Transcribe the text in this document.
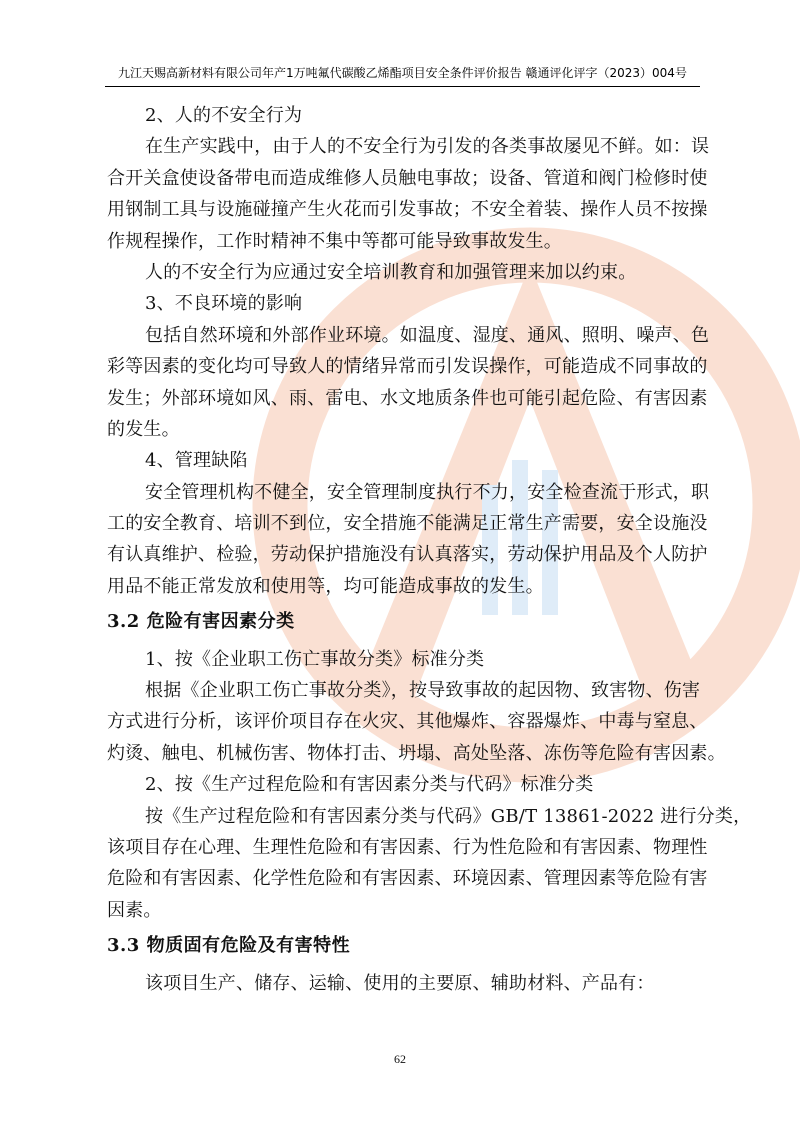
九江天赐高新材料有限公司年产1万吨氟代碳酸乙烯酯项目安全条件评价报告 赣通评化评字（2023）004号
2、人的不安全行为
在生产实践中，由于人的不安全行为引发的各类事故屡见不鲜。如：误
合开关盒使设备带电而造成维修人员触电事故；设备、管道和阀门检修时使
用钢制工具与设施碰撞产生火花而引发事故；不安全着装、操作人员不按操
作规程操作，工作时精神不集中等都可能导致事故发生。
人的不安全行为应通过安全培训教育和加强管理来加以约束。
3、不良环境的影响
包括自然环境和外部作业环境。如温度、湿度、通风、照明、噪声、色
彩等因素的变化均可导致人的情绪异常而引发误操作，可能造成不同事故的
发生；外部环境如风、雨、雷电、水文地质条件也可能引起危险、有害因素
的发生。
4、管理缺陷
安全管理机构不健全，安全管理制度执行不力，安全检查流于形式，职
工的安全教育、培训不到位，安全措施不能满足正常生产需要，安全设施没
有认真维护、检验，劳动保护措施没有认真落实，劳动保护用品及个人防护
用品不能正常发放和使用等，均可能造成事故的发生。
3.2 危险有害因素分类
1、按《企业职工伤亡事故分类》标准分类
根据《企业职工伤亡事故分类》，按导致事故的起因物、致害物、伤害
方式进行分析，该评价项目存在火灾、其他爆炸、容器爆炸、中毒与窒息、
灼烫、触电、机械伤害、物体打击、坍塌、高处坠落、冻伤等危险有害因素。
2、按《生产过程危险和有害因素分类与代码》标准分类
按《生产过程危险和有害因素分类与代码》GB/T 13861-2022 进行分类，
该项目存在心理、生理性危险和有害因素、行为性危险和有害因素、物理性
危险和有害因素、化学性危险和有害因素、环境因素、管理因素等危险有害
因素。
3.3 物质固有危险及有害特性
该项目生产、储存、运输、使用的主要原、辅助材料、产品有：
62
